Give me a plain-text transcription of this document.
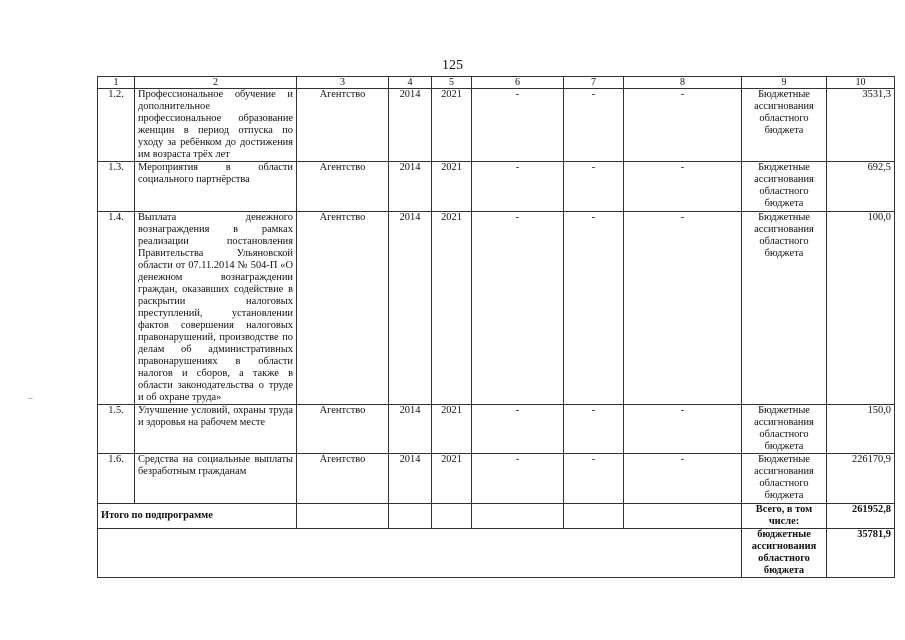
125
1	2	3	4	5	6	7	8	9	10
1.2.	Профессиональное обучение и дополнительное профессиональное образование женщин в период отпуска по уходу за ребёнком до достижения им возраста трёх лет	Агентство	2014	2021	-	-	-	Бюджетные ассигнования областного бюджета	3531,3
1.3.	Мероприятия в области социального партнёрства	Агентство	2014	2021	-	-	-	Бюджетные ассигнования областного бюджета	692,5
1.4.	Выплата денежного вознаграждения в рамках реализации постановления Правительства Ульяновской области от 07.11.2014 № 504-П «О денежном вознаграждении граждан, оказавших содействие в раскрытии налоговых преступлений, установлении фактов совершения налоговых правонарушений, производстве по делам об административных правонарушениях в области налогов и сборов, а также в области законодательства о труде и об охране труда»	Агентство	2014	2021	-	-	-	Бюджетные ассигнования областного бюджета	100,0
1.5.	Улучшение условий, охраны труда и здоровья на рабочем месте	Агентство	2014	2021	-	-	-	Бюджетные ассигнования областного бюджета	150,0
1.6.	Средства на социальные выплаты безработным гражданам	Агентство	2014	2021	-	-	-	Бюджетные ассигнования областного бюджета	226170,9
Итого по подпрограмме								Всего, в том числе:	261952,8
								бюджетные ассигнования областного бюджета	35781,9
–
